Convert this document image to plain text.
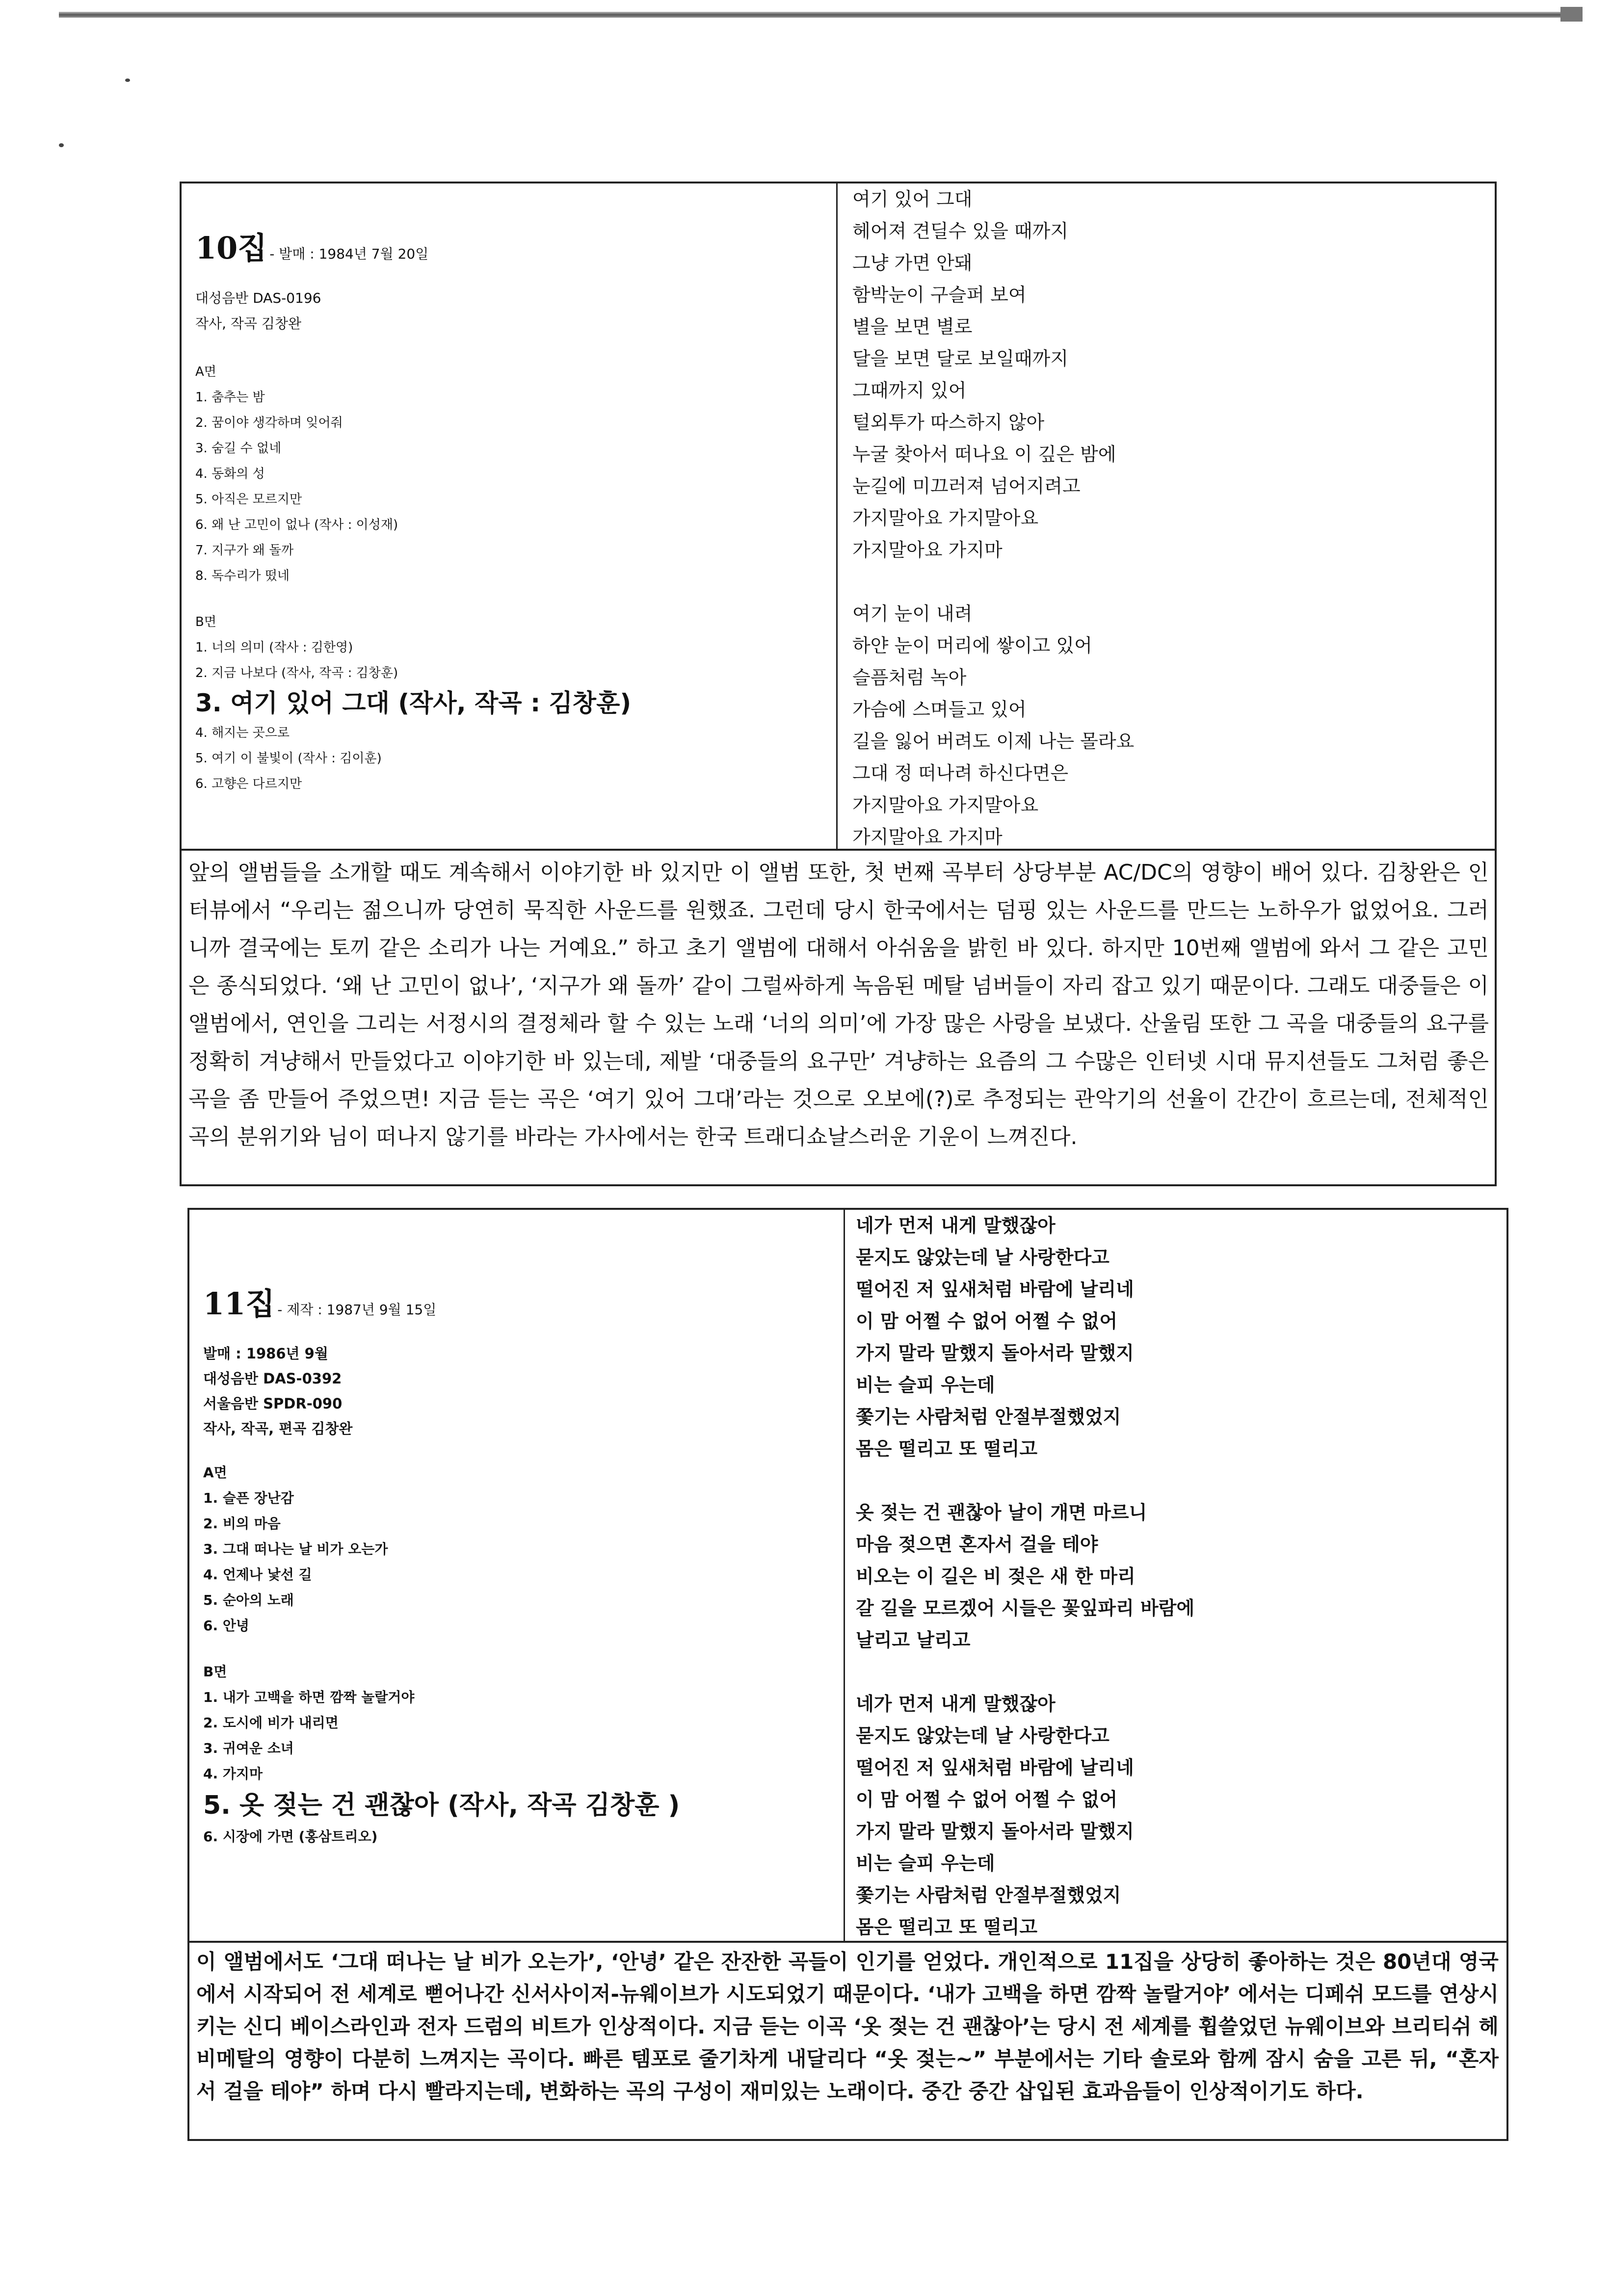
10집 - 발매 : 1984년 7월 20일
대성음반 DAS-0196
작사, 작곡 김창완
A면
1. 춤추는 밤
2. 꿈이야 생각하며 잊어줘
3. 숨길 수 없네
4. 동화의 성
5. 아직은 모르지만
6. 왜 난 고민이 없나 (작사 : 이성재)
7. 지구가 왜 돌까
8. 독수리가 떴네
B면
1. 너의 의미 (작사 : 김한영)
2. 지금 나보다 (작사, 작곡 : 김창훈)
3. 여기 있어 그대 (작사, 작곡 : 김창훈)
4. 해지는 곳으로
5. 여기 이 불빛이 (작사 : 김이훈)
6. 고향은 다르지만
여기 있어 그대
헤어져 견딜수 있을 때까지
그냥 가면 안돼
함박눈이 구슬퍼 보여
별을 보면 별로
달을 보면 달로 보일때까지
그때까지 있어
털외투가 따스하지 않아
누굴 찾아서 떠나요 이 깊은 밤에
눈길에 미끄러져 넘어지려고
가지말아요 가지말아요
가지말아요 가지마

여기 눈이 내려
하얀 눈이 머리에 쌓이고 있어
슬픔처럼 녹아
가슴에 스며들고 있어
길을 잃어 버려도 이제 나는 몰라요
그대 정 떠나려 하신다면은
가지말아요 가지말아요
가지말아요 가지마

앞의 앨범들을 소개할 때도 계속해서 이야기한 바 있지만 이 앨범 또한, 첫 번째 곡부터 상당부분 AC/DC의 영향이 배어 있다. 김창완은 인터뷰에서 “우리는 젊으니까 당연히 묵직한 사운드를 원했죠. 그런데 당시 한국에서는 덤핑 있는 사운드를 만드는 노하우가 없었어요. 그러니까 결국에는 토끼 같은 소리가 나는 거예요.” 하고 초기 앨범에 대해서 아쉬움을 밝힌 바 있다. 하지만 10번째 앨범에 와서 그 같은 고민은 종식되었다. ‘왜 난 고민이 없나’, ‘지구가 왜 돌까’ 같이 그럴싸하게 녹음된 메탈 넘버들이 자리 잡고 있기 때문이다. 그래도 대중들은 이 앨범에서, 연인을 그리는 서정시의 결정체라 할 수 있는 노래 ‘너의 의미’에 가장 많은 사랑을 보냈다. 산울림 또한 그 곡을 대중들의 요구를 정확히 겨냥해서 만들었다고 이야기한 바 있는데, 제발 ‘대중들의 요구만’ 겨냥하는 요즘의 그 수많은 인터넷 시대 뮤지션들도 그처럼 좋은 곡을 좀 만들어 주었으면! 지금 듣는 곡은 ‘여기 있어 그대’라는 것으로 오보에(?)로 추정되는 관악기의 선율이 간간이 흐르는데, 전체적인 곡의 분위기와 님이 떠나지 않기를 바라는 가사에서는 한국 트래디쇼날스러운 기운이 느껴진다.

11집 - 제작 : 1987년 9월 15일
발매 : 1986년 9월
대성음반 DAS-0392
서울음반 SPDR-090
작사, 작곡, 편곡 김창완
A면
1. 슬픈 장난감
2. 비의 마음
3. 그대 떠나는 날 비가 오는가
4. 언제나 낯선 길
5. 순아의 노래
6. 안녕
B면
1. 내가 고백을 하면 깜짝 놀랄거야
2. 도시에 비가 내리면
3. 귀여운 소녀
4. 가지마
5. 옷 젖는 건 괜찮아 (작사, 작곡 김창훈 )
6. 시장에 가면 (홍삼트리오)
네가 먼저 내게 말했잖아
묻지도 않았는데 날 사랑한다고
떨어진 저 잎새처럼 바람에 날리네
이 맘 어쩔 수 없어 어쩔 수 없어
가지 말라 말했지 돌아서라 말했지
비는 슬피 우는데
쫓기는 사람처럼 안절부절했었지
몸은 떨리고 또 떨리고

옷 젖는 건 괜찮아 날이 개면 마르니
마음 젖으면 혼자서 걸을 테야
비오는 이 길은 비 젖은 새 한 마리
갈 길을 모르겠어 시들은 꽃잎파리 바람에
날리고 날리고

네가 먼저 내게 말했잖아
묻지도 않았는데 날 사랑한다고
떨어진 저 잎새처럼 바람에 날리네
이 맘 어쩔 수 없어 어쩔 수 없어
가지 말라 말했지 돌아서라 말했지
비는 슬피 우는데
쫓기는 사람처럼 안절부절했었지
몸은 떨리고 또 떨리고

이 앨범에서도 ‘그대 떠나는 날 비가 오는가’, ‘안녕’ 같은 잔잔한 곡들이 인기를 얻었다. 개인적으로 11집을 상당히 좋아하는 것은 80년대 영국에서 시작되어 전 세계로 뻗어나간 신서사이저-뉴웨이브가 시도되었기 때문이다. ‘내가 고백을 하면 깜짝 놀랄거야’ 에서는 디페쉬 모드를 연상시키는 신디 베이스라인과 전자 드럼의 비트가 인상적이다. 지금 듣는 이곡 ‘옷 젖는 건 괜찮아’는 당시 전 세계를 휩쓸었던 뉴웨이브와 브리티쉬 헤비메탈의 영향이 다분히 느껴지는 곡이다. 빠른 템포로 줄기차게 내달리다 “옷 젖는~” 부분에서는 기타 솔로와 함께 잠시 숨을 고른 뒤, “혼자서 걸을 테야” 하며 다시 빨라지는데, 변화하는 곡의 구성이 재미있는 노래이다. 중간 중간 삽입된 효과음들이 인상적이기도 하다.
